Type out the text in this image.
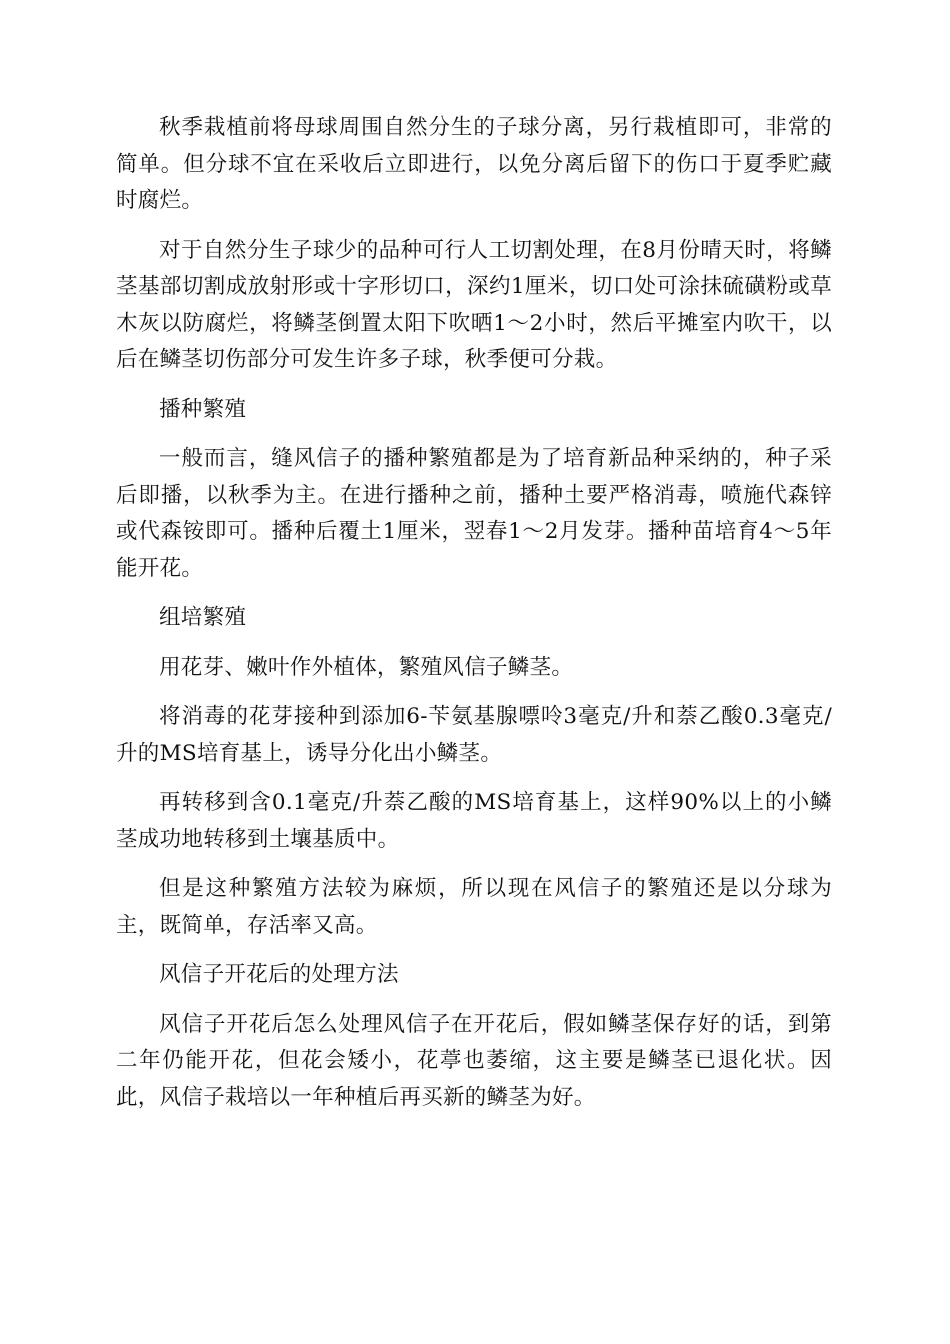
秋季栽植前将母球周围自然分生的子球分离，另行栽植即可，非常的简单。但分球不宜在采收后立即进行，以免分离后留下的伤口于夏季贮藏时腐烂。

对于自然分生子球少的品种可行人工切割处理，在8月份晴天时，将鳞茎基部切割成放射形或十字形切口，深约1厘米，切口处可涂抹硫磺粉或草木灰以防腐烂，将鳞茎倒置太阳下吹晒1～2小时，然后平摊室内吹干，以后在鳞茎切伤部分可发生许多子球，秋季便可分栽。

播种繁殖

一般而言，缝风信子的播种繁殖都是为了培育新品种采纳的，种子采后即播，以秋季为主。在进行播种之前，播种土要严格消毒，喷施代森锌或代森铵即可。播种后覆土1厘米，翌春1～2月发芽。播种苗培育4～5年能开花。

组培繁殖

用花芽、嫩叶作外植体，繁殖风信子鳞茎。

将消毒的花芽接种到添加6-苄氨基腺嘌呤3毫克/升和萘乙酸0.3毫克/升的MS培育基上，诱导分化出小鳞茎。

再转移到含0.1毫克/升萘乙酸的MS培育基上，这样90%以上的小鳞茎成功地转移到土壤基质中。

但是这种繁殖方法较为麻烦，所以现在风信子的繁殖还是以分球为主，既简单，存活率又高。

风信子开花后的处理方法

风信子开花后怎么处理风信子在开花后，假如鳞茎保存好的话，到第二年仍能开花，但花会矮小，花葶也萎缩，这主要是鳞茎已退化状。因此，风信子栽培以一年种植后再买新的鳞茎为好。
